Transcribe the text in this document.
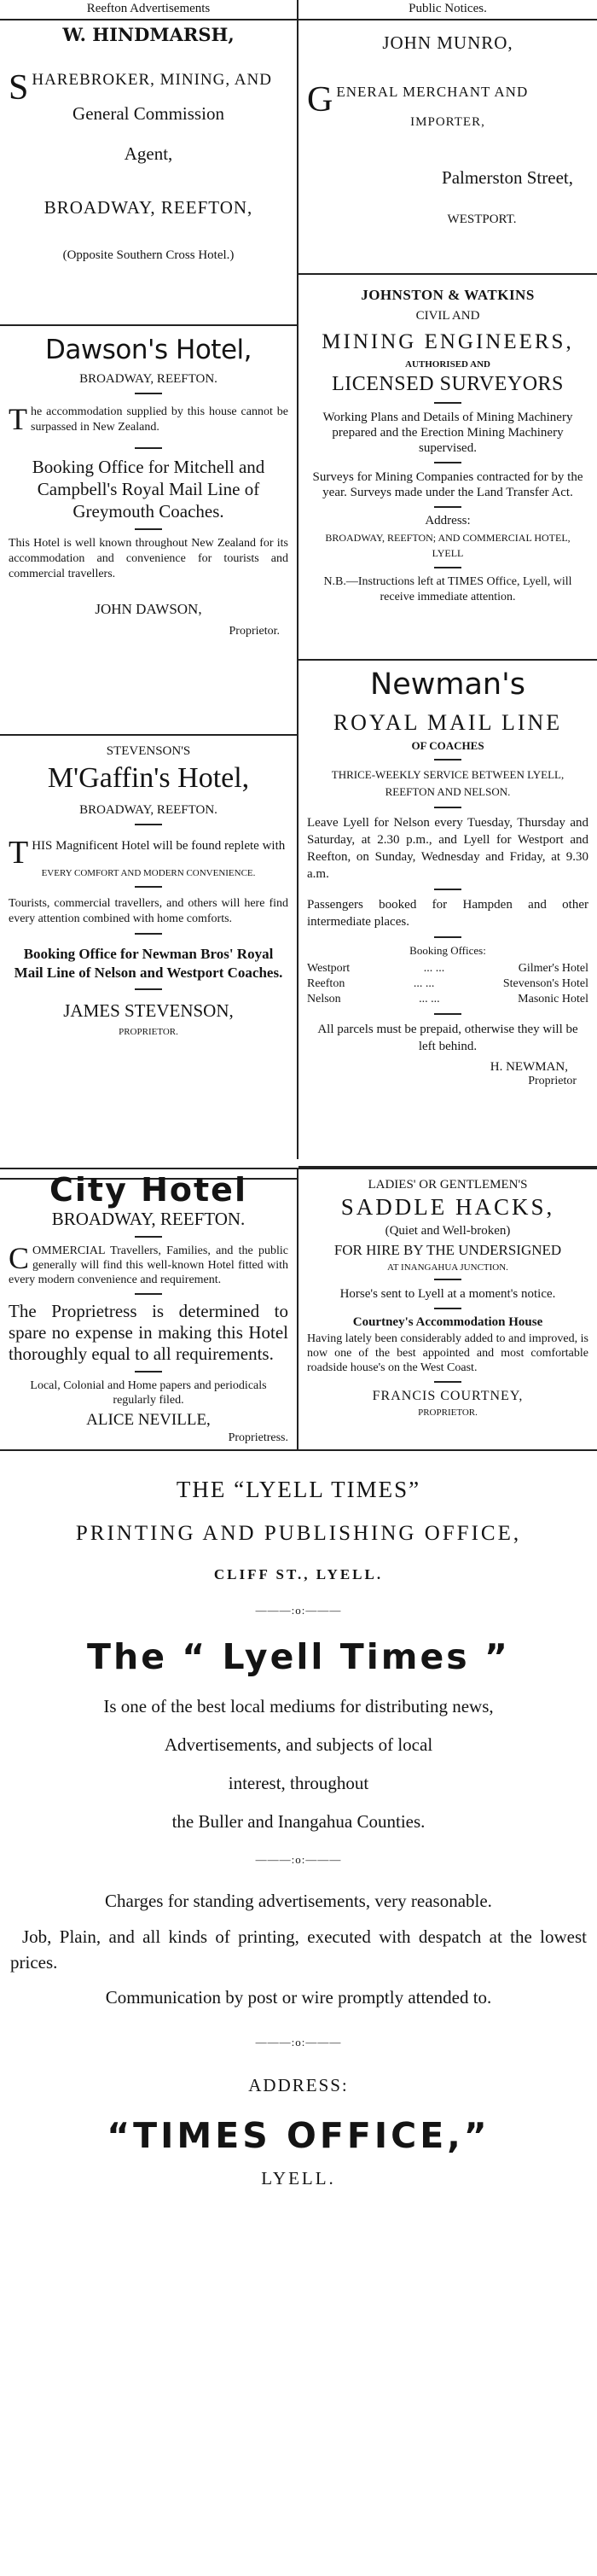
Reefton Advertisements
W. HINDMARSH,
S HAREBROKER, MINING, AND
General Commission
Agent,
BROADWAY, REEFTON,
(Opposite Southern Cross Hotel.)
Dawson's Hotel,
BROADWAY, REEFTON.
The accommodation supplied by this house cannot be surpassed in New Zealand.
Booking Office for Mitchell and Campbell's Royal Mail Line of Greymouth Coaches.
This Hotel is well known throughout New Zealand for its accommodation and convenience for tourists and commercial travellers.
JOHN DAWSON,
Proprietor.
STEVENSON'S
M'Gaffin's Hotel,
BROADWAY, REEFTON.
THIS Magnificent Hotel will be found replete with
EVERY COMFORT AND MODERN CONVENIENCE.
Tourists, commercial travellers, and others will here find every attention combined with home comforts.
Booking Office for Newman Bros' Royal Mail Line of Nelson and Westport Coaches.
JAMES STEVENSON,
PROPRIETOR.
Public Notices.
JOHN MUNRO,
G ENERAL MERCHANT AND
IMPORTER,
Palmerston Street,
WESTPORT.
JOHNSTON & WATKINS
CIVIL AND
MINING ENGINEERS,
AUTHORISED AND
LICENSED SURVEYORS
Working Plans and Details of Mining Machinery prepared and the Erection Mining Machinery supervised.
Surveys for Mining Companies contracted for by the year. Surveys made under the Land Transfer Act.
Address:
BROADWAY, REEFTON; AND COMMERCIAL HOTEL, LYELL
N.B.—Instructions left at TIMES Office, Lyell, will receive immediate attention.
Newman's
ROYAL MAIL LINE
OF COACHES
THRICE-WEEKLY SERVICE BETWEEN LYELL, REEFTON AND NELSON.
Leave Lyell for Nelson every Tuesday, Thursday and Saturday, at 2.30 p.m., and Lyell for Westport and Reefton, on Sunday, Wednesday and Friday, at 9.30 a.m.
Passengers booked for Hampden and other intermediate places.
Booking Offices:
Westport	... ...	Gilmer's Hotel
Reefton	... ...	Stevenson's Hotel
Nelson	... ...	Masonic Hotel
All parcels must be prepaid, otherwise they will be left behind.
H. NEWMAN,
Proprietor
City Hotel
BROADWAY, REEFTON.
COMMERCIAL Travellers, Families, and the public generally will find this well-known Hotel fitted with every modern convenience and requirement.
The Proprietress is determined to spare no expense in making this Hotel thoroughly equal to all requirements.
Local, Colonial and Home papers and periodicals regularly filed.
ALICE NEVILLE,
Proprietress.
LADIES' OR GENTLEMEN'S
SADDLE HACKS,
(Quiet and Well-broken)
FOR HIRE BY THE UNDERSIGNED
AT INANGAHUA JUNCTION.
Horse's sent to Lyell at a moment's notice.
Courtney's Accommodation House
Having lately been considerably added to and improved, is now one of the best appointed and most comfortable roadside house's on the West Coast.
FRANCIS COURTNEY,
PROPRIETOR.
THE “LYELL TIMES”
PRINTING AND PUBLISHING OFFICE,
CLIFF ST., LYELL.
———:o:———
The “ Lyell Times ”
Is one of the best local mediums for distributing news,
Advertisements, and subjects of local
interest, throughout
the Buller and Inangahua Counties.
———:o:———
Charges for standing advertisements, very reasonable.
Job, Plain, and all kinds of printing, executed with despatch at the lowest prices.
Communication by post or wire promptly attended to.
———:o:———
ADDRESS:
“TIMES OFFICE,”
LYELL.
